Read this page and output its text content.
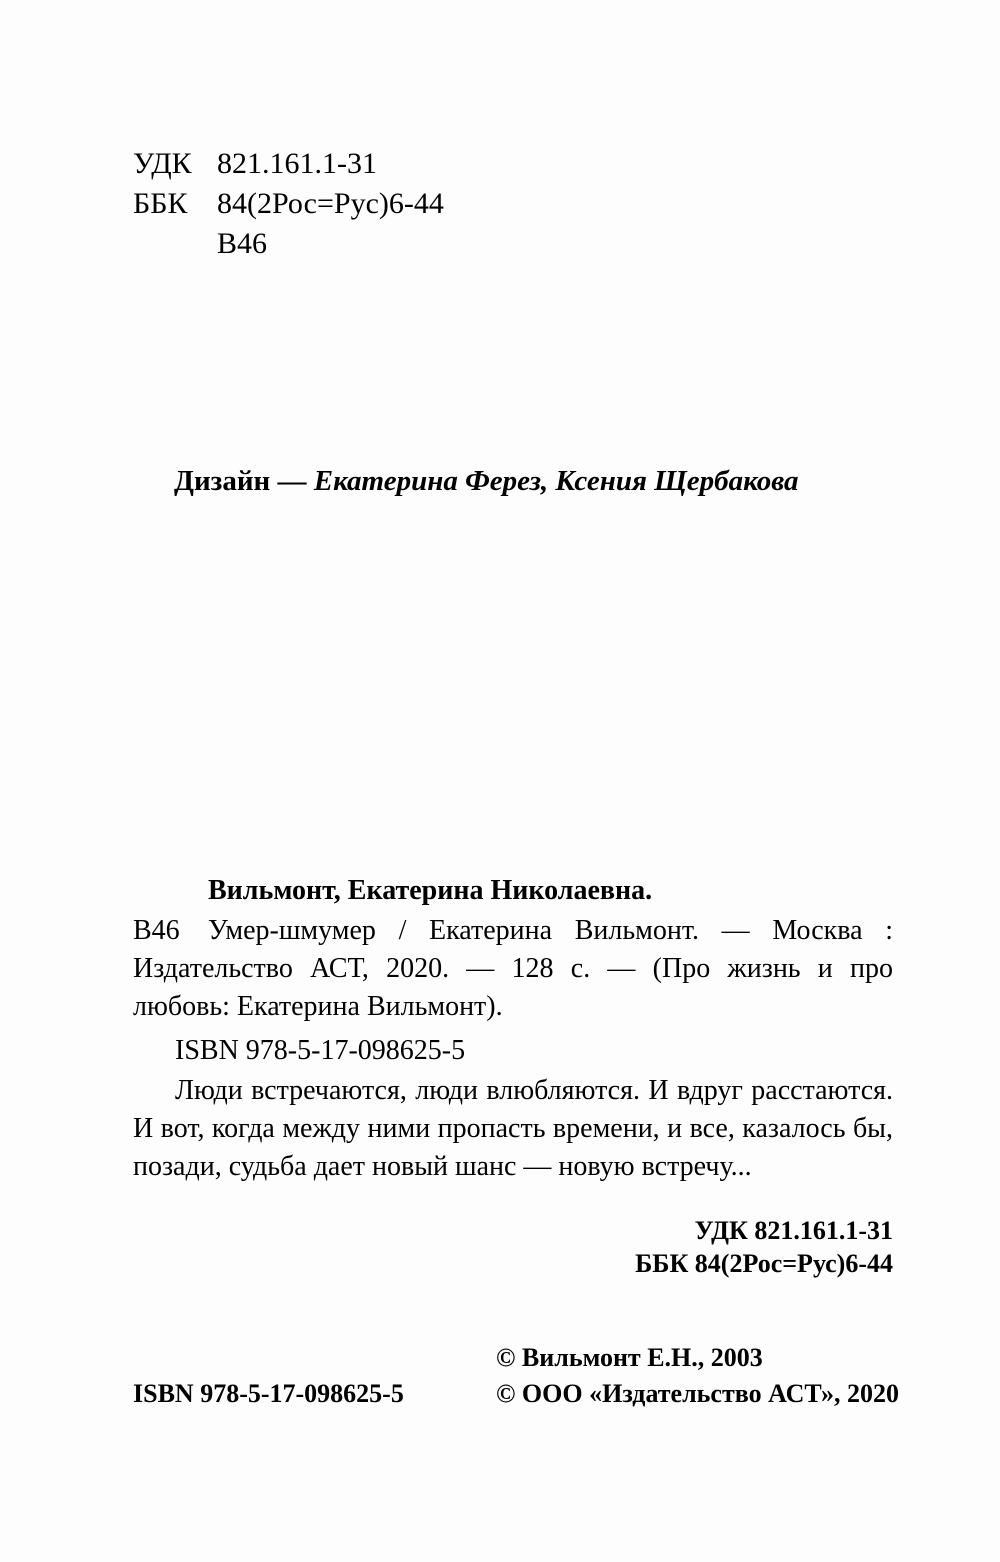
УДК 821.161.1-31
ББК 84(2Рос=Рус)6-44
В46
Дизайн — Екатерина Ферез, Ксения Щербакова
Вильмонт, Екатерина Николаевна.
В46	Умер-шмумер / Екатерина Вильмонт. — Москва : Издательство АСТ, 2020. — 128 с. — (Про жизнь и про любовь: Екатерина Вильмонт).

ISBN 978-5-17-098625-5

Люди встречаются, люди влюбляются. И вдруг расстаются. И вот, когда между ними пропасть времени, и все, казалось бы, позади, судьба дает новый шанс — новую встречу...

УДК 821.161.1-31
ББК 84(2Рос=Рус)6-44
© Вильмонт Е.Н., 2003
ISBN 978-5-17-098625-5	© ООО «Издательство АСТ», 2020
